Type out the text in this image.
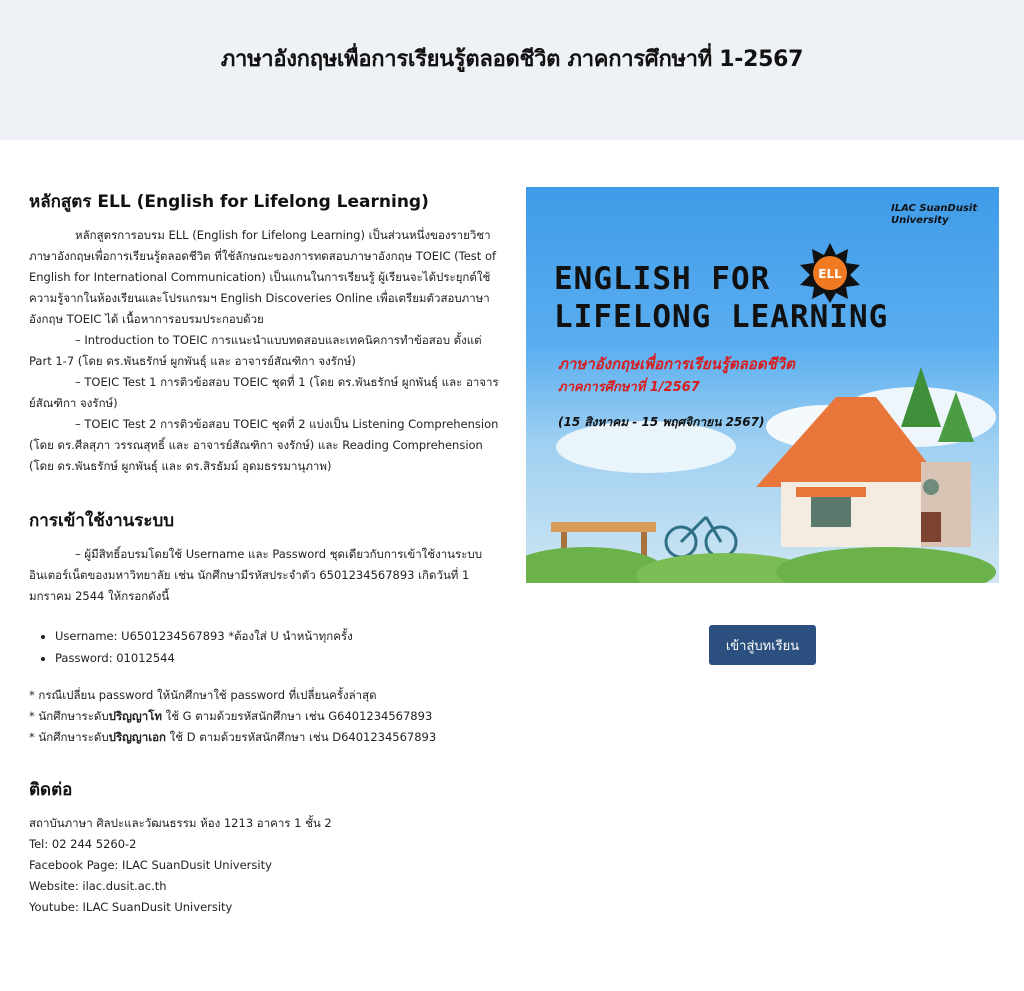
ภาษาอังกฤษเพื่อการเรียนรู้ตลอดชีวิต ภาคการศึกษาที่ 1-2567
หลักสูตร ELL (English for Lifelong Learning)

หลักสูตรการอบรม ELL (English for Lifelong Learning) เป็นส่วนหนึ่งของรายวิชาภาษาอังกฤษเพื่อการเรียนรู้ตลอดชีวิต ที่ใช้ลักษณะของการทดสอบภาษาอังกฤษ TOEIC (Test of English for International Communication) เป็นแกนในการเรียนรู้ ผู้เรียนจะได้ประยุกต์ใช้ความรู้จากในห้องเรียนและโปรแกรมฯ English Discoveries Online เพื่อเตรียมตัวสอบภาษาอังกฤษ TOEIC ได้ เนื้อหาการอบรมประกอบด้วย

– Introduction to TOEIC การแนะนำแบบทดสอบและเทคนิคการทำข้อสอบ ตั้งแต่ Part 1-7 (โดย ดร.พันธรักษ์ ผูกพันธุ์ และ อาจารย์สัณฑิกา จงรักษ์)

– TOEIC Test 1 การติวข้อสอบ TOEIC ชุดที่ 1 (โดย ดร.พันธรักษ์ ผูกพันธุ์ และ อาจารย์สัณฑิกา จงรักษ์)

– TOEIC Test 2 การติวข้อสอบ TOEIC ชุดที่ 2 แบ่งเป็น Listening Comprehension (โดย ดร.ศีลสุภา วรรณสุทธิ์ และ อาจารย์สัณฑิกา จงรักษ์) และ Reading Comprehension (โดย ดร.พันธรักษ์ ผูกพันธุ์ และ ดร.สิรธัมม์ อุดมธรรมานุภาพ)

การเข้าใช้งานระบบ

– ผู้มีสิทธิ์อบรมโดยใช้ Username และ Password ชุดเดียวกับการเข้าใช้งานระบบอินเตอร์เน็ตของมหาวิทยาลัย เช่น นักศึกษามีรหัสประจำตัว 6501234567893 เกิดวันที่ 1 มกราคม 2544 ให้กรอกดังนี้

• Username: U6501234567893 *ต้องใส่ U นำหน้าทุกครั้ง
• Password: 01012544
* กรณีเปลี่ยน password ให้นักศึกษาใช้ password ที่เปลี่ยนครั้งล่าสุด
* นักศึกษาระดับปริญญาโท ใช้ G ตามด้วยรหัสนักศึกษา เช่น G6401234567893
* นักศึกษาระดับปริญญาเอก ใช้ D ตามด้วยรหัสนักศึกษา เช่น D6401234567893
ติดต่อ
สถาบันภาษา ศิลปะและวัฒนธรรม ห้อง 1213 อาคาร 1 ชั้น 2
Tel: 02 244 5260-2
Facebook Page: ILAC SuanDusit University
Website: ilac.dusit.ac.th
Youtube: ILAC SuanDusit University
ELL
ILAC SuanDusit University
ENGLISH FOR
LIFELONG LEARNING
ภาษาอังกฤษเพื่อการเรียนรู้ตลอดชีวิต
ภาคการศึกษาที่ 1/2567
(15 สิงหาคม - 15 พฤศจิกายน 2567)
เข้าสู่บทเรียน
